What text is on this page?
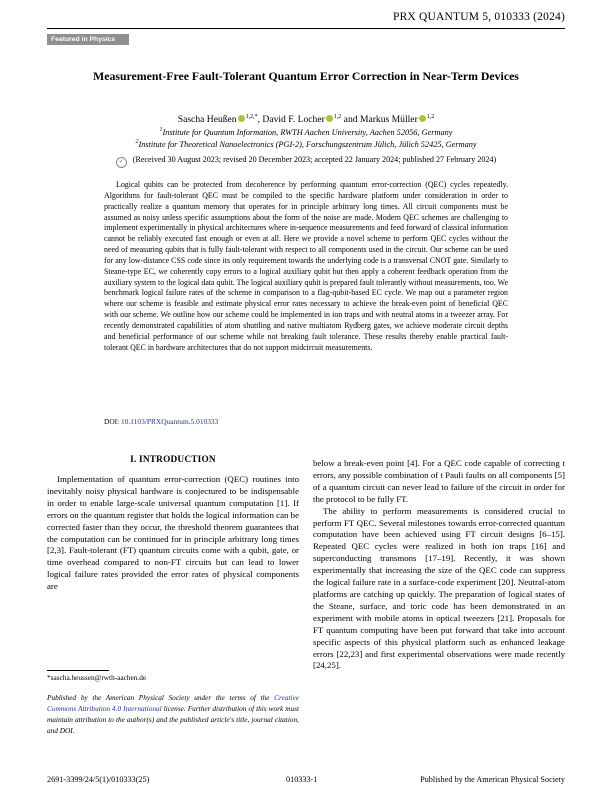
PRX QUANTUM 5, 010333 (2024)
Featured in Physics
Measurement-Free Fault-Tolerant Quantum Error Correction in Near-Term Devices
Sascha Heußen $^{1,2,*}$, David F. Locher $^{1,2}$ and Markus Müller $^{1,2}$
$^1$Institute for Quantum Information, RWTH Aachen University, Aachen 52056, Germany
$^2$Institute for Theoretical Nanoelectronics (PGI-2), Forschungszentrum Jülich, Jülich 52425, Germany
✓ (Received 30 August 2023; revised 20 December 2023; accepted 22 January 2024; published 27 February 2024)

Logical qubits can be protected from decoherence by performing quantum error-correction (QEC) cycles repeatedly. Algorithms for fault-tolerant QEC must be compiled to the specific hardware platform under consideration in order to practically realize a quantum memory that operates for in principle arbitrary long times. All circuit components must be assumed as noisy unless specific assumptions about the form of the noise are made. Modern QEC schemes are challenging to implement experimentally in physical architectures where in-sequence measurements and feed forward of classical information cannot be reliably executed fast enough or even at all. Here we provide a novel scheme to perform QEC cycles without the need of measuring qubits that is fully fault-tolerant with respect to all components used in the circuit. Our scheme can be used for any low-distance CSS code since its only requirement towards the underlying code is a transversal CNOT gate. Similarly to Steane-type EC, we coherently copy errors to a logical auxiliary qubit but then apply a coherent feedback operation from the auxiliary system to the logical data qubit. The logical auxiliary qubit is prepared fault tolerantly without measurements, too. We benchmark logical failure rates of the scheme in comparison to a flag-qubit-based EC cycle. We map out a parameter region where our scheme is feasible and estimate physical error rates necessary to achieve the break-even point of beneficial QEC with our scheme. We outline how our scheme could be implemented in ion traps and with neutral atoms in a tweezer array. For recently demonstrated capabilities of atom shuttling and native multiatom Rydberg gates, we achieve moderate circuit depths and beneficial performance of our scheme while not breaking fault tolerance. These results thereby enable practical fault-tolerant QEC in hardware architectures that do not support midcircuit measurements.

DOI: 10.1103/PRXQuantum.5.010333
I. INTRODUCTION

Implementation of quantum error-correction (QEC) routines into inevitably noisy physical hardware is conjectured to be indispensable in order to enable large-scale universal quantum computation [1]. If errors on the quantum register that holds the logical information can be corrected faster than they occur, the threshold theorem guarantees that the computation can be continued for in principle arbitrary long times [2,3]. Fault-tolerant (FT) quantum circuits come with a qubit, gate, or time overhead compared to non-FT circuits but can lead to lower logical failure rates provided the error rates of physical components are

below a break-even point [4]. For a QEC code capable of correcting t errors, any possible combination of t Pauli faults on all components [5] of a quantum circuit can never lead to failure of the circuit in order for the protocol to be fully FT.

The ability to perform measurements is considered crucial to perform FT QEC. Several milestones towards error-corrected quantum computation have been achieved using FT circuit designs [6–15]. Repeated QEC cycles were realized in both ion traps [16] and superconducting transmons [17–19]. Recently, it was shown experimentally that increasing the size of the QEC code can suppress the logical failure rate in a surface-code experiment [20]. Neutral-atom platforms are catching up quickly. The preparation of logical states of the Steane, surface, and toric code has been demonstrated in an experiment with mobile atoms in optical tweezers [21]. Proposals for FT quantum computing have been put forward that take into account specific aspects of this physical platform such as enhanced leakage errors [22,23] and first experimental observations were made recently [24,25].

*sascha.heussen@rwth-aachen.de
Published by the American Physical Society under the terms of the Creative Commons Attribution 4.0 International license. Further distribution of this work must maintain attribution to the author(s) and the published article's title, journal citation, and DOI.
2691-3399/24/5(1)/010333(25)	010333-1	Published by the American Physical Society
